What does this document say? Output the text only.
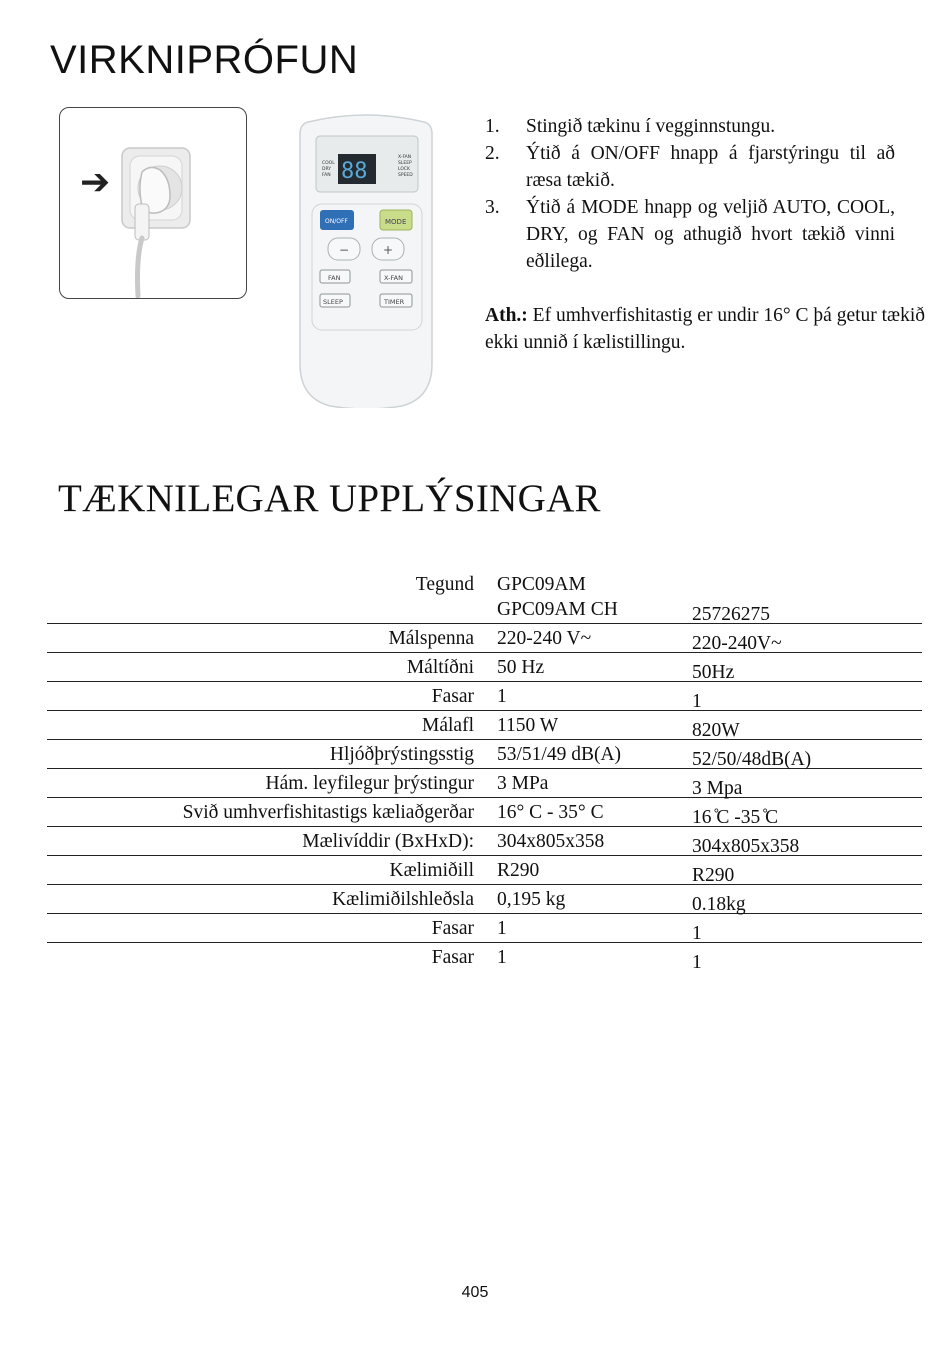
VIRKNIPRÓFUN
➔	88
COOL
DRY
FAN
X-FAN
SLEEP
LOCK
SPEED
ON/OFF	MODE
−	+
FAN	X-FAN
SLEEP	TIMER
1.	Stingið tækinu í vegginnstungu.
2.	Ýtið á ON/OFF hnapp á fjarstýringu til að ræsa tækið.
3.	Ýtið á MODE hnapp og veljið AUTO, COOL, DRY, og FAN og athugið hvort tækið vinni eðlilega.

Ath.: Ef umhverfishitastig er undir 16° C þá getur tækið ekki unnið í kælistillingu.

TÆKNILEGAR UPPLÝSINGAR
Tegund GPC09AM
GPC09AM CH	25726275
Málspenna 220-240 V~	220-240V~
Máltíðni 50 Hz	50Hz
Fasar 1	1
Málafl 1150 W	820W
Hljóðþrýstingsstig 53/51/49 dB(A)	52/50/48dB(A)
Hám. leyfilegur þrýstingur 3 MPa	3 Mpa
Svið umhverfishitastigs kæliaðgerðar 16° C - 35° C	16 ̊C -35 ̊C
Mælivíddir (BxHxD): 304x805x358	304x805x358
Kælimiðill R290	R290
Kælimiðilshleðsla 0,195 kg	0.18kg
Fasar 1	1
Fasar 1	1
405
